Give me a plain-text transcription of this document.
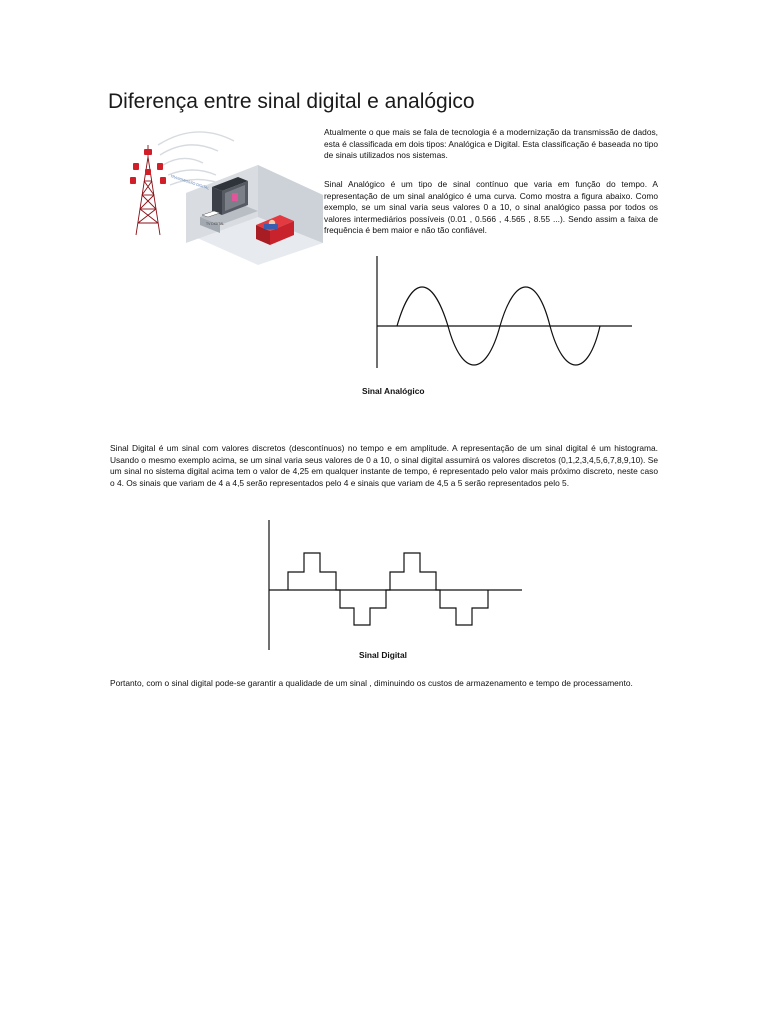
Diferença entre sinal digital e analógico
TV DIGITAL
TRANSMISSÃO DIGITAL

Atualmente o que mais se fala de tecnologia é a modernização da transmissão de dados, esta é classificada em dois tipos: Analógica e Digital. Esta classificação é baseada no tipo de sinais utilizados nos sistemas.

Sinal Analógico é um tipo de sinal contínuo que varia em função do tempo. A representação de um sinal analógico é uma curva. Como mostra a figura abaixo. Como exemplo, se um sinal varia seus valores 0 a 10, o sinal analógico passa por todos os valores intermediários possíveis (0.01 , 0.566 , 4.565 , 8.55 ...). Sendo assim a faixa de frequência é bem maior e não tão confiável.

Sinal Analógico

Sinal Digital é um sinal com valores discretos (descontínuos) no tempo e em amplitude. A representação de um sinal digital é um histograma. Usando o mesmo exemplo acima, se um sinal varia seus valores de 0 a 10, o sinal digital assumirá os valores discretos (0,1,2,3,4,5,6,7,8,9,10). Se um sinal no sistema digital acima tem o valor de 4,25 em qualquer instante de tempo, é representado pelo valor mais próximo discreto, neste caso o 4. Os sinais que variam de 4 a 4,5 serão representados pelo 4 e sinais que variam de 4,5 a 5 serão representados pelo 5.

Sinal Digital

Portanto, com o sinal digital pode-se garantir a qualidade de um sinal , diminuindo os custos de armazenamento e tempo de processamento.
